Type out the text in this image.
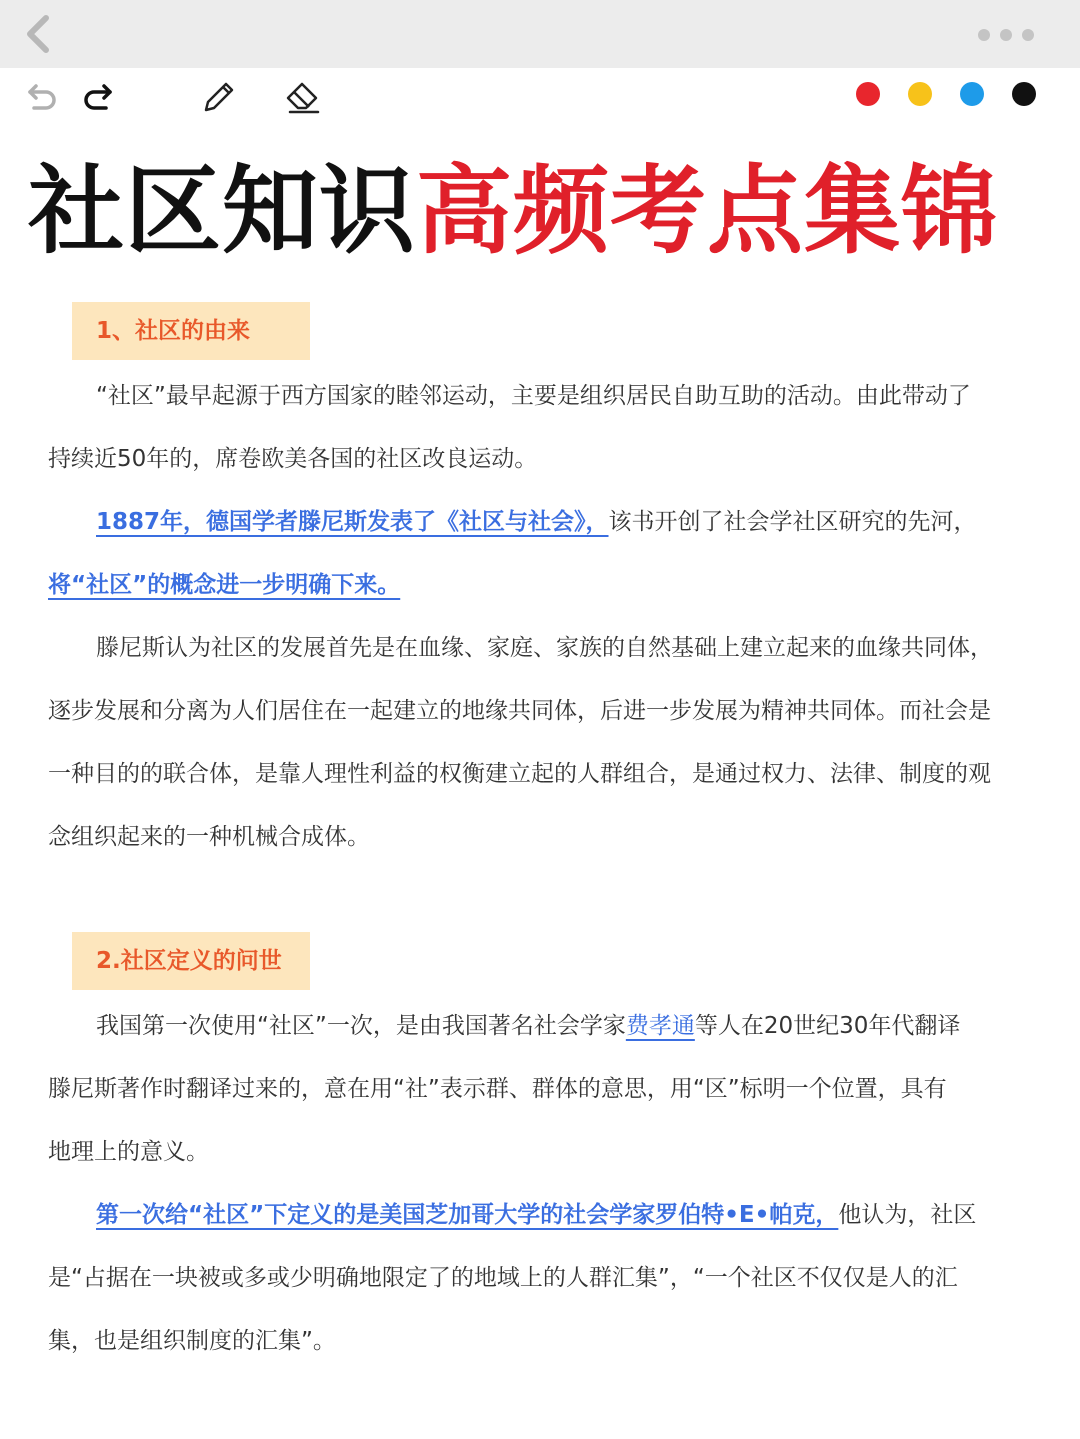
社区知识高频考点集锦
1、社区的由来
“社区”最早起源于西方国家的睦邻运动，主要是组织居民自助互助的活动。由此带动了
持续近50年的，席卷欧美各国的社区改良运动。
1887年，德国学者滕尼斯发表了《社区与社会》，该书开创了社会学社区研究的先河，
将“社区”的概念进一步明确下来。
滕尼斯认为社区的发展首先是在血缘、家庭、家族的自然基础上建立起来的血缘共同体，
逐步发展和分离为人们居住在一起建立的地缘共同体，后进一步发展为精神共同体。而社会是
一种目的的联合体，是靠人理性利益的权衡建立起的人群组合，是通过权力、法律、制度的观
念组织起来的一种机械合成体。
2.社区定义的问世
我国第一次使用“社区”一次，是由我国著名社会学家费孝通等人在20世纪30年代翻译
滕尼斯著作时翻译过来的，意在用“社”表示群、群体的意思，用“区”标明一个位置，具有
地理上的意义。
第一次给“社区”下定义的是美国芝加哥大学的社会学家罗伯特•E•帕克，他认为，社区
是“占据在一块被或多或少明确地限定了的地域上的人群汇集”，“一个社区不仅仅是人的汇
集，也是组织制度的汇集”。
